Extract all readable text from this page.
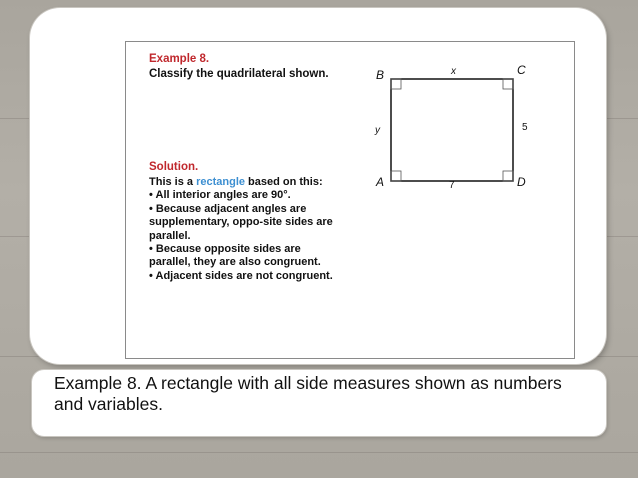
Example 8.
Classify the quadrilateral shown.	B	C
A	D
x
y	5
7
Solution.

This is a rectangle based on this:

• All interior angles are 90°.

• Because adjacent angles are supplementary, oppo-site sides are parallel.

• Because opposite sides are parallel, they are also congruent.

• Adjacent sides are not congruent.

Example 8. A rectangle with all side measures shown as numbers and variables.
